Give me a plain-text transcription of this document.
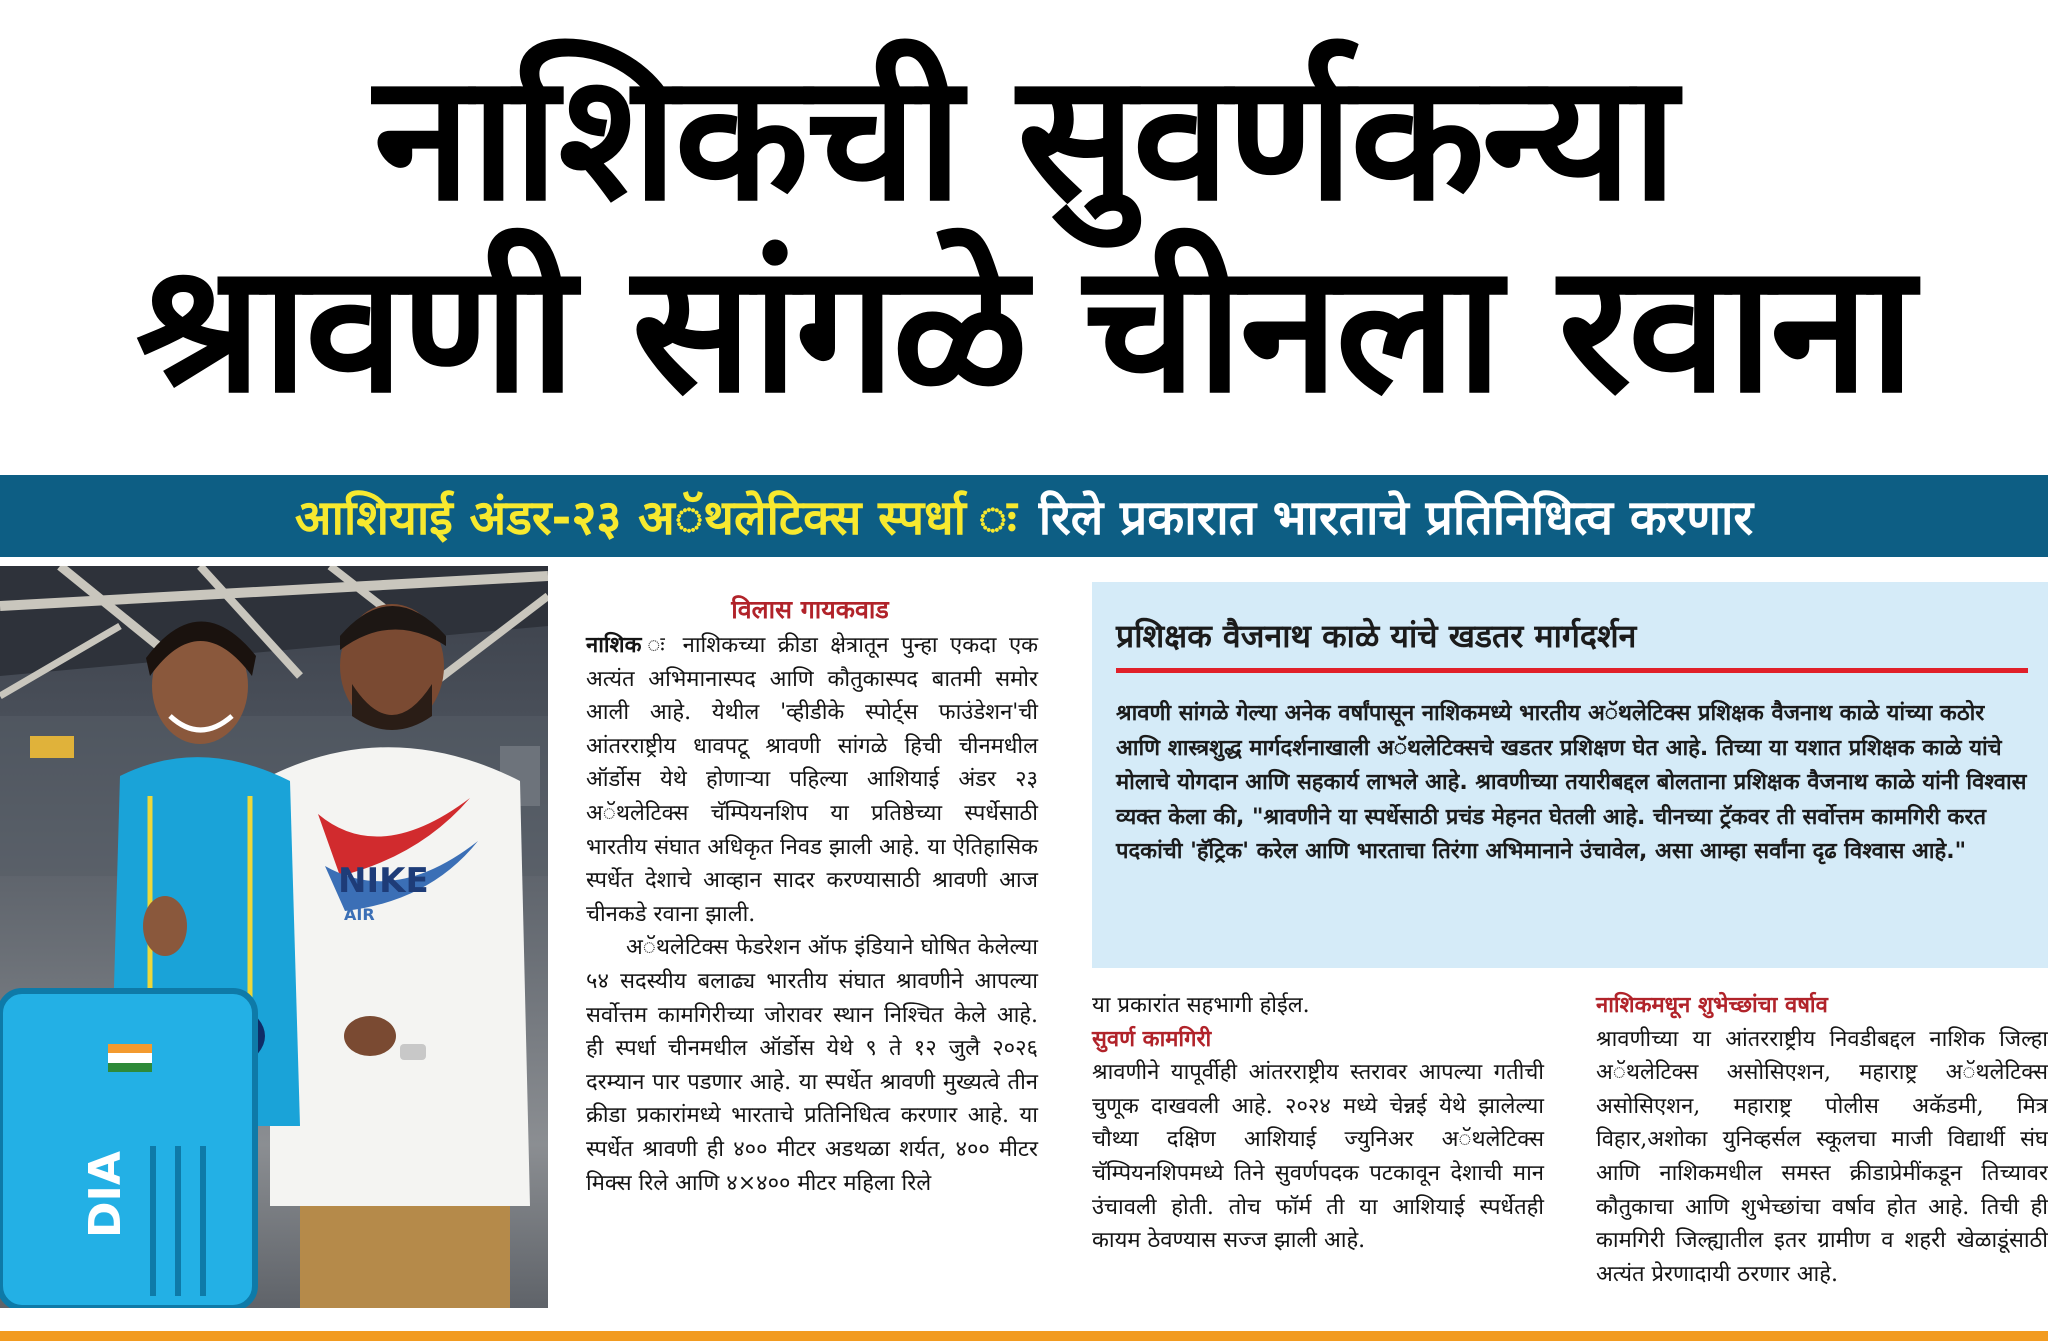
नाशिकची सुवर्णकन्या
श्रावणी सांगळे चीनला रवाना
आशियाई अंडर-२३ अॅथलेटिक्स स्पर्धा ः रिले प्रकारात भारताचे प्रतिनिधित्व करणार
NIKE
AIR
DIA
विलास गायकवाड

नाशिक ः नाशिकच्या क्रीडा क्षेत्रातून पुन्हा एकदा एक अत्यंत अभिमानास्पद आणि कौतुकास्पद बातमी समोर आली आहे. येथील 'व्हीडीके स्पोर्ट्स फाउंडेशन'ची आंतरराष्ट्रीय धावपटू श्रावणी सांगळे हिची चीनमधील ऑर्डोस येथे होणाऱ्या पहिल्या आशियाई अंडर २३ अॅथलेटिक्स चॅम्पियनशिप या प्रतिष्ठेच्या स्पर्धेसाठी भारतीय संघात अधिकृत निवड झाली आहे. या ऐतिहासिक स्पर्धेत देशाचे आव्हान सादर करण्यासाठी श्रावणी आज चीनकडे रवाना झाली.

अॅथलेटिक्स फेडरेशन ऑफ इंडियाने घोषित केलेल्या ५४ सदस्यीय बलाढ्य भारतीय संघात श्रावणीने आपल्या सर्वोत्तम कामगिरीच्या जोरावर स्थान निश्चित केले आहे. ही स्पर्धा चीनमधील ऑर्डोस येथे ९ ते १२ जुलै २०२६ दरम्यान पार पडणार आहे. या स्पर्धेत श्रावणी मुख्यत्वे तीन क्रीडा प्रकारांमध्ये भारताचे प्रतिनिधित्व करणार आहे. या स्पर्धेत श्रावणी ही ४०० मीटर अडथळा शर्यत, ४०० मीटर मिक्स रिले आणि ४×४०० मीटर महिला रिले

प्रशिक्षक वैजनाथ काळे यांचे खडतर मार्गदर्शन
श्रावणी सांगळे गेल्या अनेक वर्षांपासून नाशिकमध्ये भारतीय अॅथलेटिक्स प्रशिक्षक वैजनाथ काळे यांच्या कठोर आणि शास्त्रशुद्ध मार्गदर्शनाखाली अॅथलेटिक्सचे खडतर प्रशिक्षण घेत आहे. तिच्या या यशात प्रशिक्षक काळे यांचे मोलाचे योगदान आणि सहकार्य लाभले आहे. श्रावणीच्या तयारीबद्दल बोलताना प्रशिक्षक वैजनाथ काळे यांनी विश्वास व्यक्त केला की, "श्रावणीने या स्पर्धेसाठी प्रचंड मेहनत घेतली आहे. चीनच्या ट्रॅकवर ती सर्वोत्तम कामगिरी करत पदकांची 'हॅट्रिक' करेल आणि भारताचा तिरंगा अभिमानाने उंचावेल, असा आम्हा सर्वांना दृढ विश्वास आहे."

या प्रकारांत सहभागी होईल.

सुवर्ण कामगिरी
श्रावणीने यापूर्वीही आंतरराष्ट्रीय स्तरावर आपल्या गतीची चुणूक दाखवली आहे. २०२४ मध्ये चेन्नई येथे झालेल्या चौथ्या दक्षिण आशियाई ज्युनिअर अॅथलेटिक्स चॅम्पियनशिपमध्ये तिने सुवर्णपदक पटकावून देशाची मान उंचावली होती. तोच फॉर्म ती या आशियाई स्पर्धेतही कायम ठेवण्यास सज्ज झाली आहे.
नाशिकमधून शुभेच्छांचा वर्षाव
श्रावणीच्या या आंतरराष्ट्रीय निवडीबद्दल नाशिक जिल्हा अॅथलेटिक्स असोसिएशन, महाराष्ट्र अॅथलेटिक्स असोसिएशन, महाराष्ट्र पोलीस अकॅडमी, मित्र विहार,अशोका युनिव्हर्सल स्कूलचा माजी विद्यार्थी संघ आणि नाशिकमधील समस्त क्रीडाप्रेमींकडून तिच्यावर कौतुकाचा आणि शुभेच्छांचा वर्षाव होत आहे. तिची ही कामगिरी जिल्ह्यातील इतर ग्रामीण व शहरी खेळाडूंसाठी अत्यंत प्रेरणादायी ठरणार आहे.
